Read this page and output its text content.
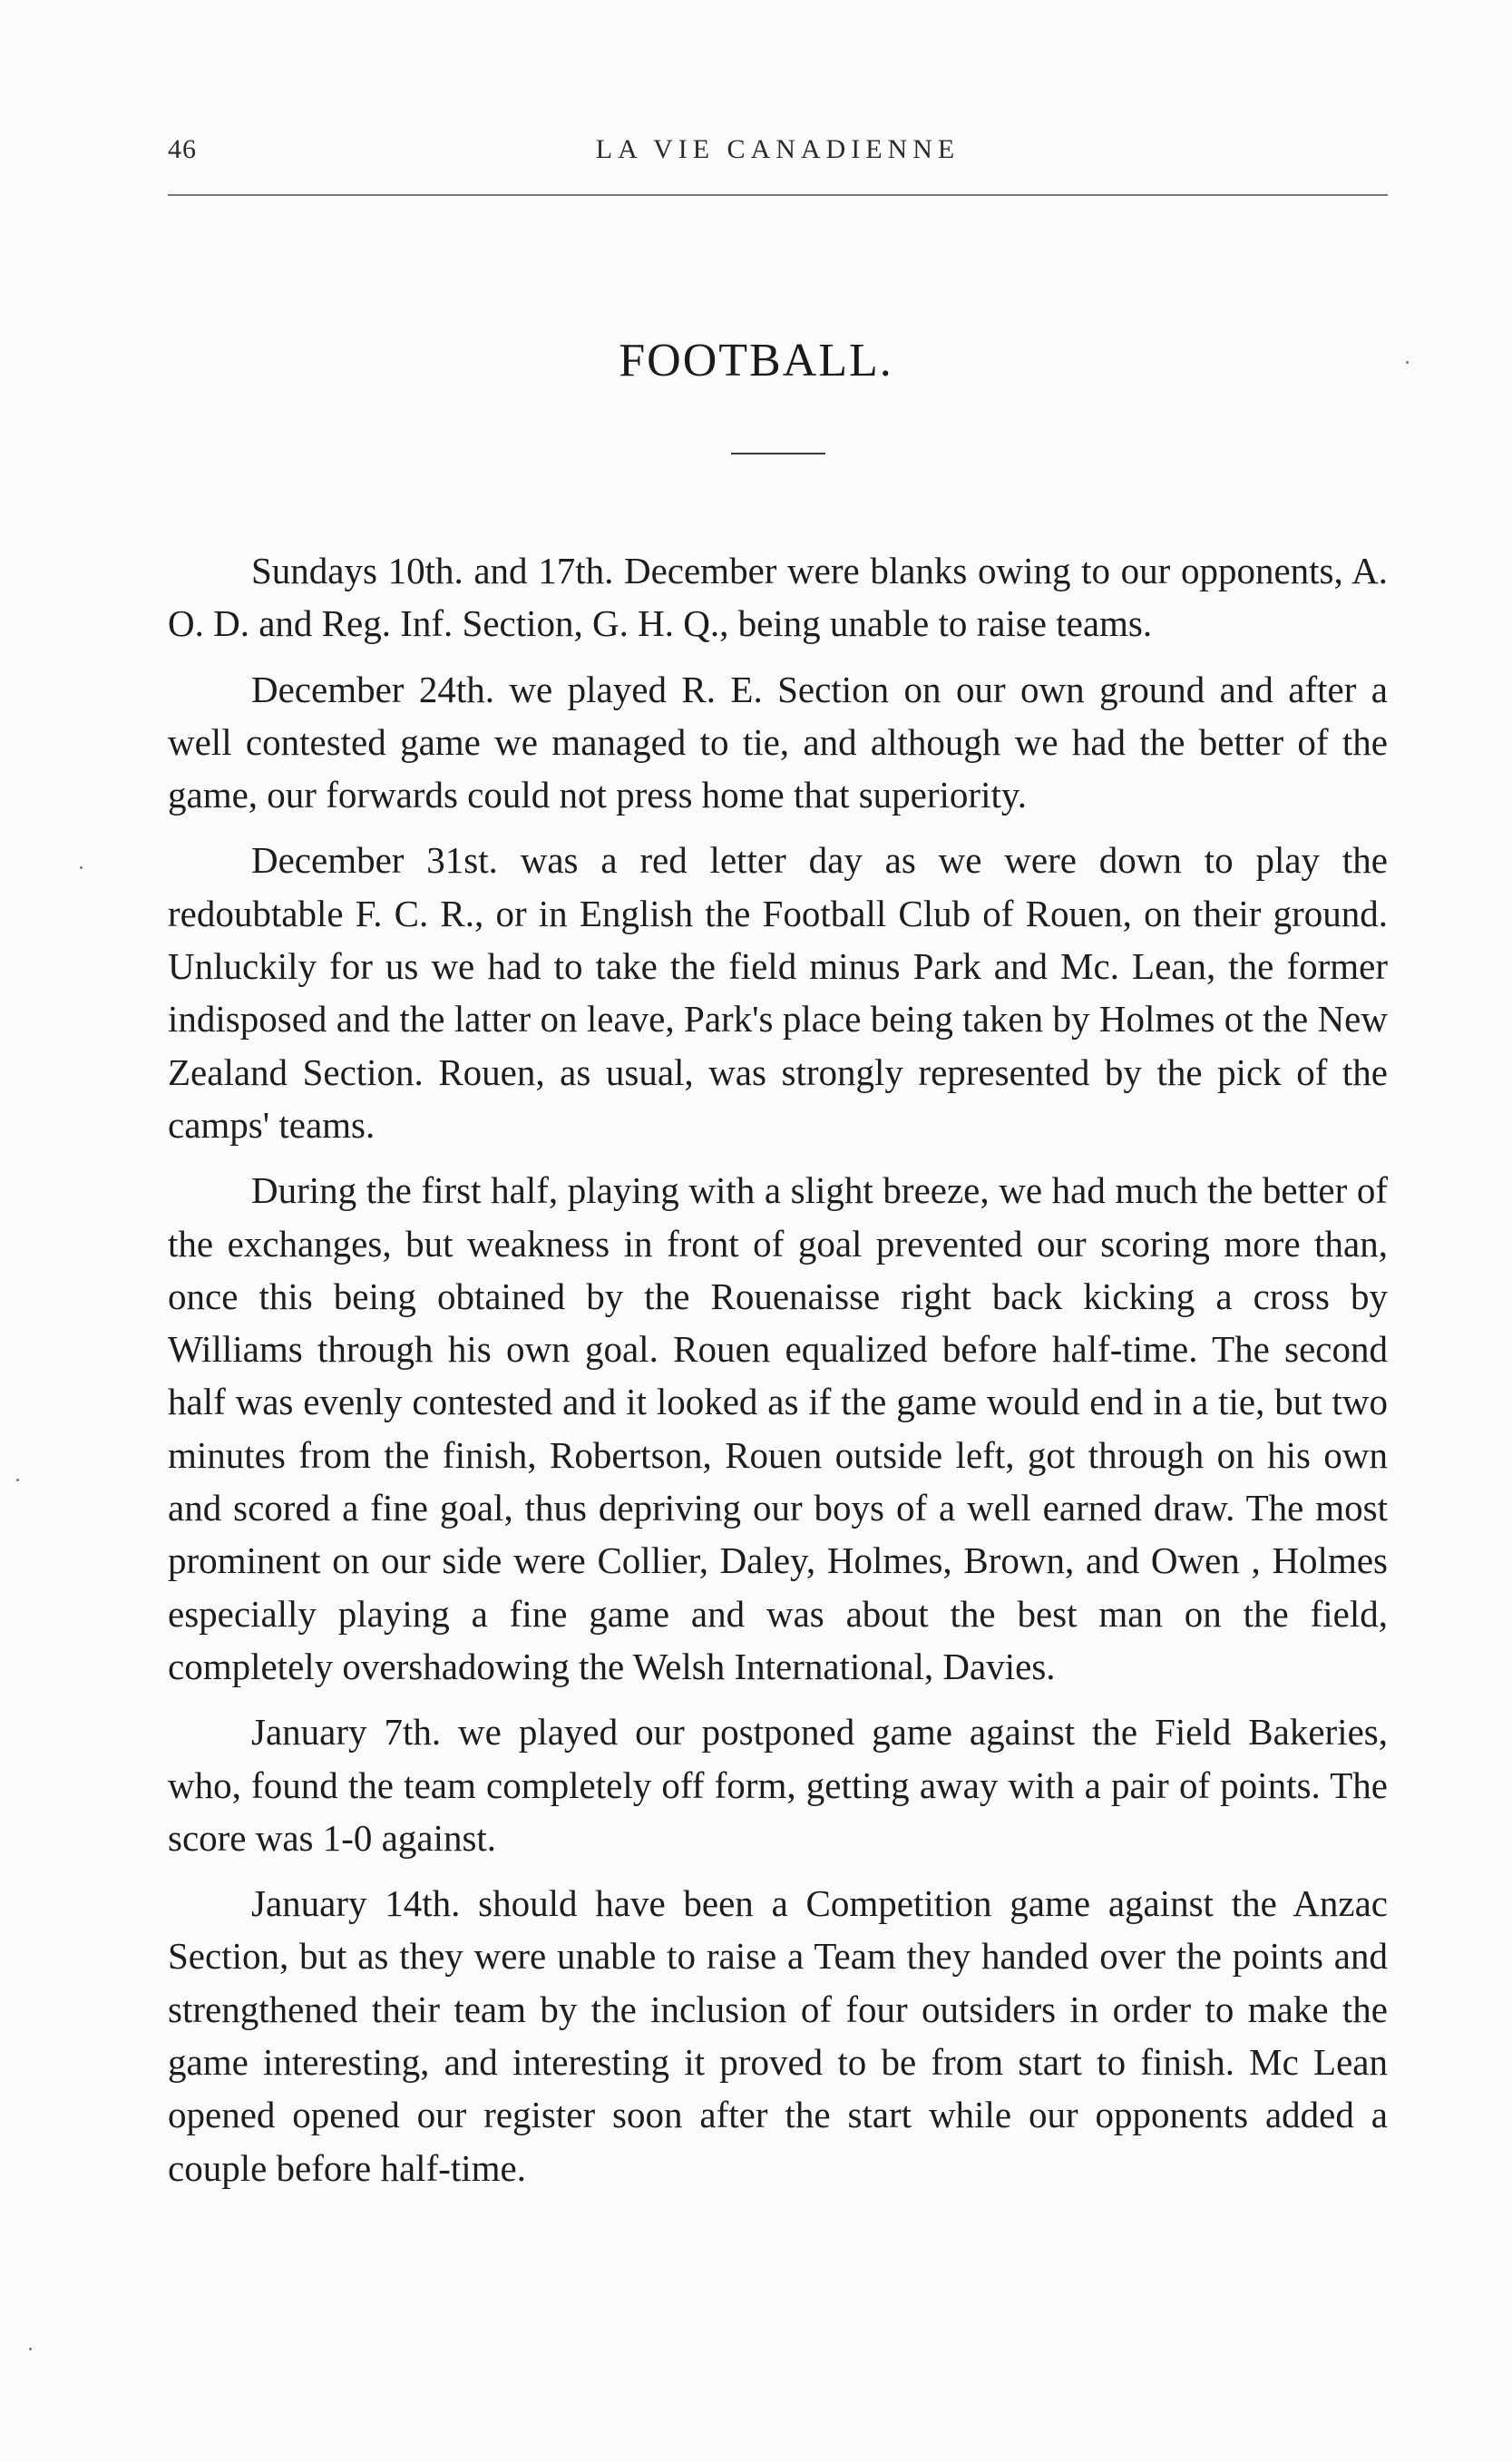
46	LA VIE CANADIENNE
FOOTBALL.

Sundays 10th. and 17th. December were blanks owing to our opponents, A. O. D. and Reg. Inf. Section, G. H. Q., being unable to raise teams.

December 24th. we played R. E. Section on our own ground and after a well contested game we managed to tie, and although we had the better of the game, our forwards could not press home that superiority.

December 31st. was a red letter day as we were down to play the redoubtable F. C. R., or in English the Football Club of Rouen, on their ground. Unluckily for us we had to take the field minus Park and Mc. Lean, the former indisposed and the latter on leave, Park's place being taken by Holmes ot the New Zealand Section. Rouen, as usual, was strongly represented by the pick of the camps' teams.

During the first half, playing with a slight breeze, we had much the better of the exchanges, but weakness in front of goal prevented our scoring more than, once this being obtained by the Rouenaisse right back kicking a cross by Williams through his own goal. Rouen equalized before half-time. The second half was evenly contested and it looked as if the game would end in a tie, but two minutes from the finish, Robertson, Rouen outside left, got through on his own and scored a fine goal, thus depriving our boys of a well earned draw. The most prominent on our side were Collier, Daley, Holmes, Brown, and Owen , Holmes especially playing a fine game and was about the best man on the field, completely overshadowing the Welsh International, Davies.

January 7th. we played our postponed game against the Field Bakeries, who, found the team completely off form, getting away with a pair of points. The score was 1-0 against.

January 14th. should have been a Competition game against the Anzac Section, but as they were unable to raise a Team they handed over the points and strengthened their team by the inclusion of four outsiders in order to make the game interesting, and interesting it proved to be from start to finish. Mc Lean opened opened our register soon after the start while our opponents added a couple before half-time.
